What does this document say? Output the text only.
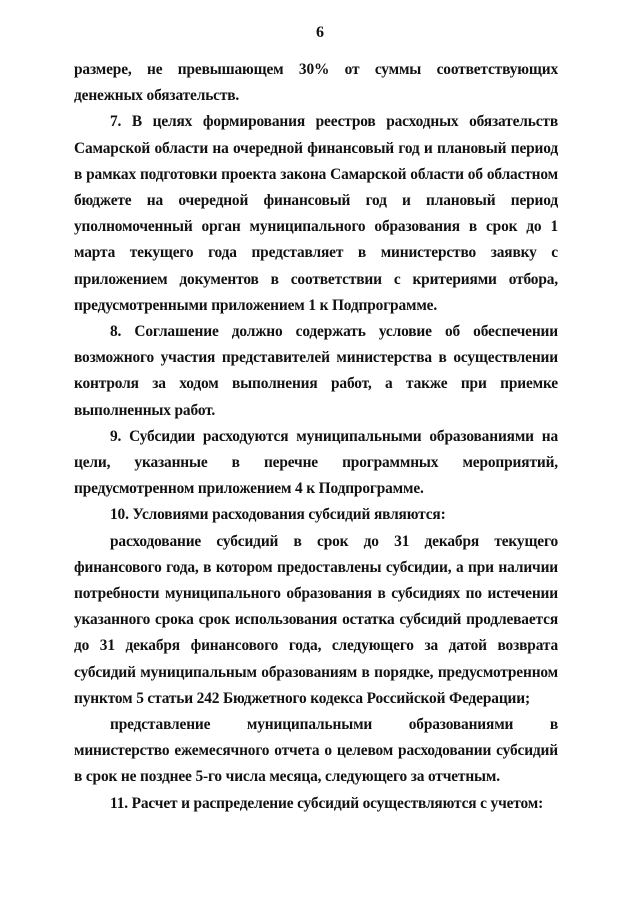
6

размере, не превышающем 30% от суммы соответствующих денежных обязательств.

7. В целях формирования реестров расходных обязательств Самарской области на очередной финансовый год и плановый период в рамках подготовки проекта закона Самарской области об областном бюджете на очередной финансовый год и плановый период уполномоченный орган муниципального образования в срок до 1 марта текущего года представляет в министерство заявку с приложением документов в соответствии с критериями отбора, предусмотренными приложением 1 к Подпрограмме.

8. Соглашение должно содержать условие об обеспечении возможного участия представителей министерства в осуществлении контроля за ходом выполнения работ, а также при приемке выполненных работ.

9. Субсидии расходуются муниципальными образованиями на цели, указанные в перечне программных мероприятий, предусмотренном приложением 4 к Подпрограмме.

10. Условиями расходования субсидий являются:

расходование субсидий в срок до 31 декабря текущего финансового года, в котором предоставлены субсидии, а при наличии потребности муниципального образования в субсидиях по истечении указанного срока срок использования остатка субсидий продлевается до 31 декабря финансового года, следующего за датой возврата субсидий муниципальным образованиям в порядке, предусмотренном пунктом 5 статьи 242 Бюджетного кодекса Российской Федерации;

представление муниципальными образованиями в министерство ежемесячного отчета о целевом расходовании субсидий в срок не позднее 5-го числа месяца, следующего за отчетным.

11. Расчет и распределение субсидий осуществляются с учетом:
